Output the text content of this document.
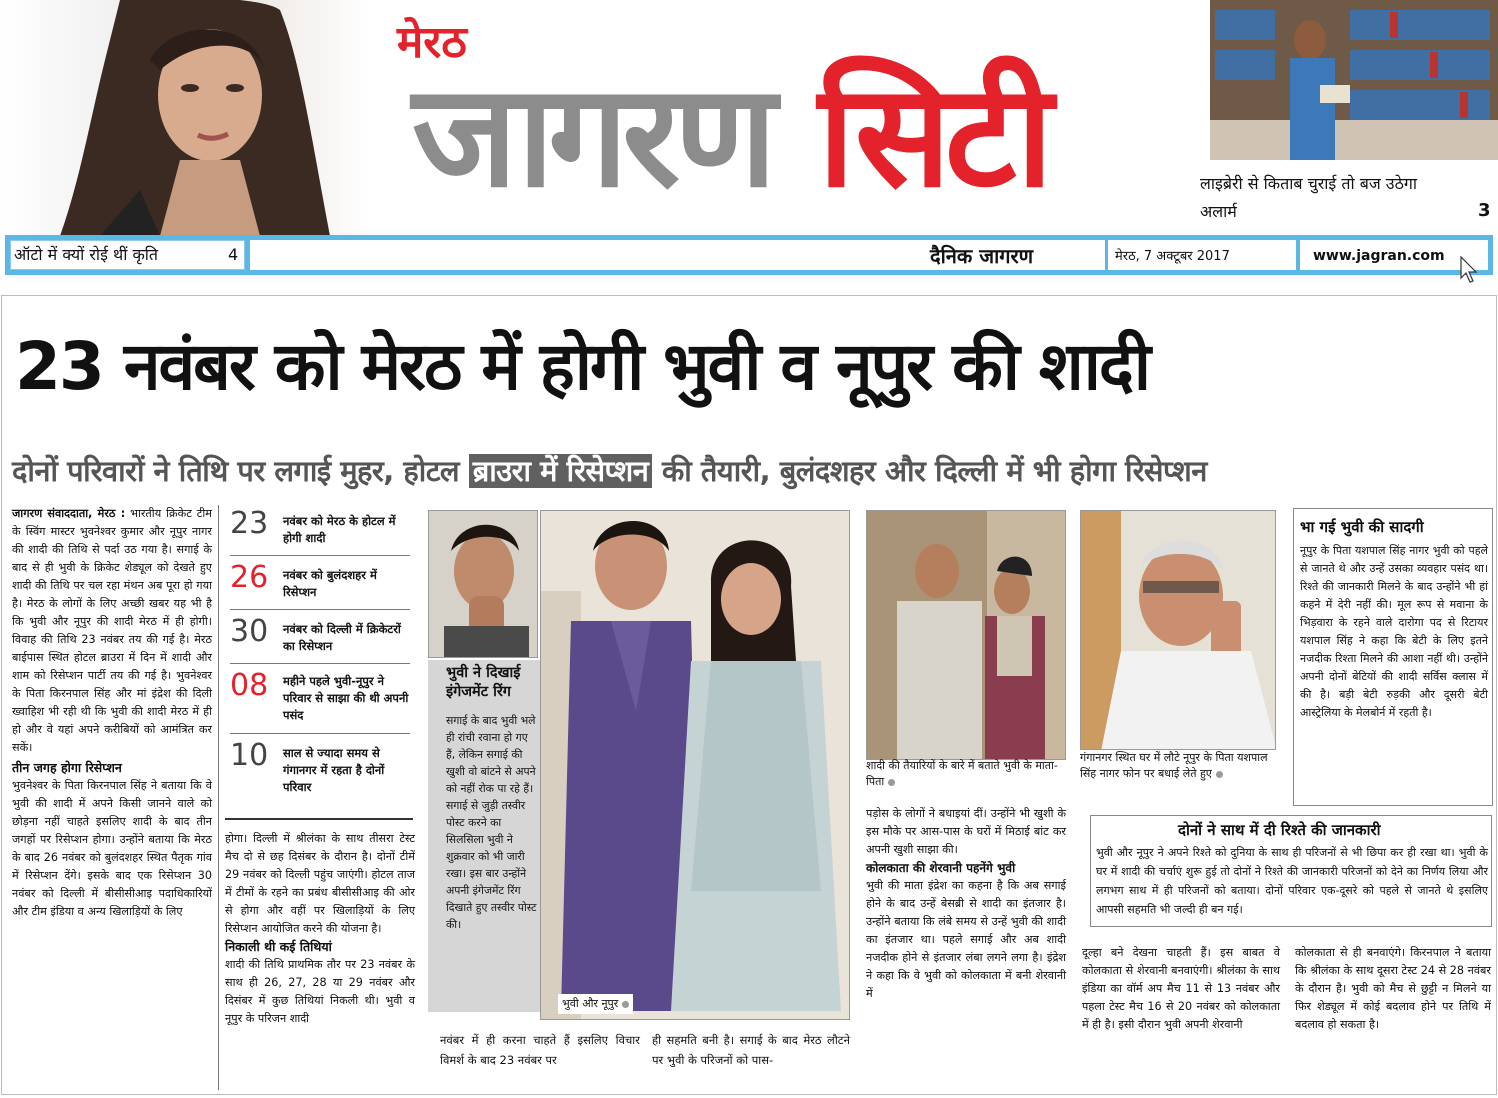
मेरठ
जागरण सिटी	लाइब्रेरी से किताब चुराई तो बज उठेगा अलार्म	3
ऑटो में क्यों रोई थीं कृति	4	दैनिक जागरण	मेरठ, 7 अक्टूबर 2017	www.jagran.com
23 नवंबर को मेरठ में होगी भुवी व नूपुर की शादी
दोनों परिवारों ने तिथि पर लगाई मुहर, होटल ब्राउरा में रिसेप्शन की तैयारी, बुलंदशहर और दिल्ली में भी होगा रिसेप्शन
जागरण संवाददाता, मेरठ : भारतीय क्रिकेट टीम के स्विंग मास्टर भुवनेश्वर कुमार और नूपुर नागर की शादी की तिथि से पर्दा उठ गया है। सगाई के बाद से ही भुवी के क्रिकेट शेड्यूल को देखते हुए शादी की तिथि पर चल रहा मंथन अब पूरा हो गया है। मेरठ के लोगों के लिए अच्छी खबर यह भी है कि भुवी और नूपुर की शादी मेरठ में ही होगी। विवाह की तिथि 23 नवंबर तय की गई है। मेरठ बाईपास स्थित होटल ब्राउरा में दिन में शादी और शाम को रिसेप्शन पार्टी तय की गई है। भुवनेश्वर के पिता किरनपाल सिंह और मां इंद्रेश की दिली ख्वाहिश भी रही थी कि भुवी की शादी मेरठ में ही हो और वे यहां अपने करीबियों को आमंत्रित कर सकें।
तीन जगह होगा रिसेप्शन
भुवनेश्वर के पिता किरनपाल सिंह ने बताया कि वे भुवी की शादी में अपने किसी जानने वाले को छोड़ना नहीं चाहते इसलिए शादी के बाद तीन जगहों पर रिसेप्शन होगा। उन्होंने बताया कि मेरठ के बाद 26 नवंबर को बुलंदशहर स्थित पैतृक गांव में रिसेप्शन देंगे। इसके बाद एक रिसेप्शन 30 नवंबर को दिल्ली में बीसीसीआइ पदाधिकारियों और टीम इंडिया व अन्य खिलाड़ियों के लिए
23 नवंबर को मेरठ के होटल में होगी शादी
26 नवंबर को बुलंदशहर में रिसेप्शन
30 नवंबर को दिल्ली में क्रिकेटरों का रिसेप्शन
08 महीने पहले भुवी-नूपुर ने परिवार से साझा की थी अपनी पसंद
10 साल से ज्यादा समय से गंगानगर में रहता है दोनों परिवार
होगा। दिल्ली में श्रीलंका के साथ तीसरा टेस्ट मैच दो से छह दिसंबर के दौरान है। दोनों टीमें 29 नवंबर को दिल्ली पहुंच जाएंगी। होटल ताज में टीमों के रहने का प्रबंध बीसीसीआइ की ओर से होगा और वहीं पर खिलाड़ियों के लिए रिसेप्शन आयोजित करने की योजना है।
निकाली थी कई तिथियां
शादी की तिथि प्राथमिक तौर पर 23 नवंबर के साथ ही 26, 27, 28 या 29 नवंबर और दिसंबर में कुछ तिथियां निकली थी। भुवी व नूपुर के परिजन शादी
भुवी ने दिखाई इंगेजमेंट रिंग
सगाई के बाद भुवी भले ही रांची रवाना हो गए हैं, लेकिन सगाई की खुशी वो बांटने से अपने को नहीं रोक पा रहे हैं। सगाई से जुड़ी तस्वीर पोस्ट करने का सिलसिला भुवी ने शुक्रवार को भी जारी रखा। इस बार उन्होंने अपनी इंगेजमेंट रिंग दिखाते हुए तस्वीर पोस्ट की।
भुवी और नूपुर
नवंबर में ही करना चाहते हैं इसलिए विचार विमर्श के बाद 23 नवंबर पर
ही सहमति बनी है। सगाई के बाद मेरठ लौटने पर भुवी के परिजनों को पास-
शादी की तैयारियों के बारे में बताते भुवी के माता-पिता
गंगानगर स्थित घर में लौटे नूपुर के पिता यशपाल सिंह नागर फोन पर बधाई लेते हुए
भा गई भुवी की सादगी
नूपुर के पिता यशपाल सिंह नागर भुवी को पहले से जानते थे और उन्हें उसका व्यवहार पसंद था। रिश्ते की जानकारी मिलने के बाद उन्होंने भी हां कहने में देरी नहीं की। मूल रूप से मवाना के भिड़वारा के रहने वाले दारोगा पद से रिटायर यशपाल सिंह ने कहा कि बेटी के लिए इतने नजदीक रिश्ता मिलने की आशा नहीं थी। उन्होंने अपनी दोनों बेटियों की शादी सर्विस क्लास में की है। बड़ी बेटी रुड़की और दूसरी बेटी आस्ट्रेलिया के मेलबोर्न में रहती है।
पड़ोस के लोगों ने बधाइयां दीं। उन्होंने भी खुशी के इस मौके पर आस-पास के घरों में मिठाई बांट कर अपनी खुशी साझा की।
कोलकाता की शेरवानी पहनेंगे भुवी
भुवी की माता इंद्रेश का कहना है कि अब सगाई होने के बाद उन्हें बेसब्री से शादी का इंतजार है। उन्होंने बताया कि लंबे समय से उन्हें भुवी की शादी का इंतजार था। पहले सगाई और अब शादी नजदीक होने से इंतजार लंबा लगने लगा है। इंद्रेश ने कहा कि वे भुवी को कोलकाता में बनी शेरवानी में
दोनों ने साथ में दी रिश्ते की जानकारी
भुवी और नूपुर ने अपने रिश्ते को दुनिया के साथ ही परिजनों से भी छिपा कर ही रखा था। भुवी के घर में शादी की चर्चाएं शुरू हुई तो दोनों ने रिश्ते की जानकारी परिजनों को देने का निर्णय लिया और लगभग साथ में ही परिजनों को बताया। दोनों परिवार एक-दूसरे को पहले से जानते थे इसलिए आपसी सहमति भी जल्दी ही बन गई।
दूल्हा बने देखना चाहती हैं। इस बाबत वे कोलकाता से शेरवानी बनवाएंगी। श्रीलंका के साथ इंडिया का वॉर्म अप मैच 11 से 13 नवंबर और पहला टेस्ट मैच 16 से 20 नवंबर को कोलकाता में ही है। इसी दौरान भुवी अपनी शेरवानी
कोलकाता से ही बनवाएंगे। किरनपाल ने बताया कि श्रीलंका के साथ दूसरा टेस्ट 24 से 28 नवंबर के दौरान है। भुवी को मैच से छुट्टी न मिलने या फिर शेड्यूल में कोई बदलाव होने पर तिथि में बदलाव हो सकता है।
